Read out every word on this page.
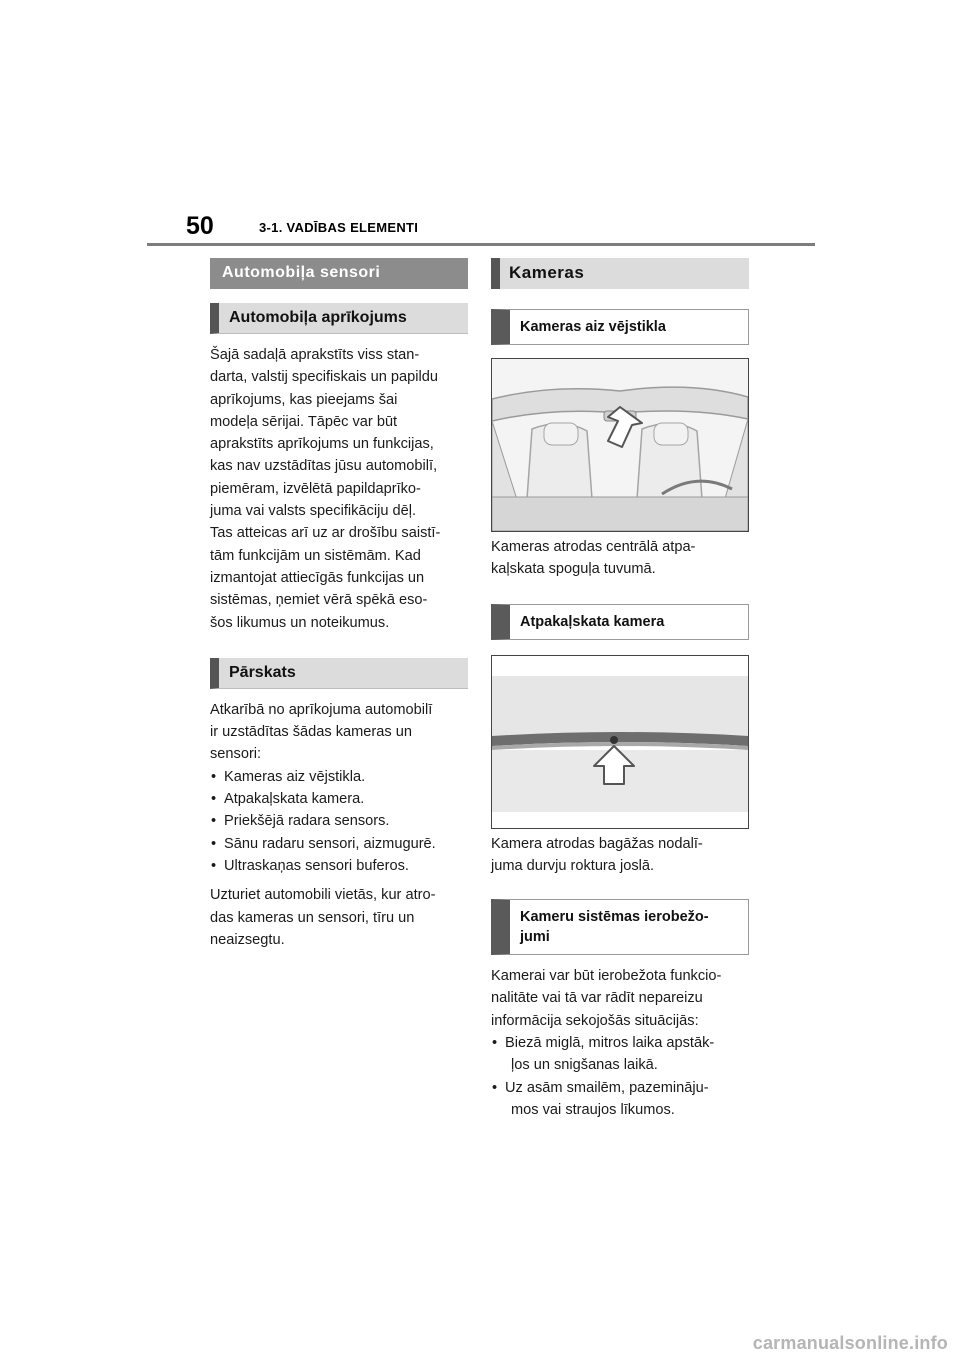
50	3-1. VADĪBAS ELEMENTI
Automobiļa sensori
Automobiļa aprīkojums

Šajā sadaļā aprakstīts viss stan-

darta, valstij specifiskais un papildu

aprīkojums, kas pieejams šai

modeļa sērijai. Tāpēc var būt

aprakstīts aprīkojums un funkcijas,

kas nav uzstādītas jūsu automobilī,

piemēram, izvēlētā papildaprīko-

juma vai valsts specifikāciju dēļ.

Tas atteicas arī uz ar drošību saistī-

tām funkcijām un sistēmām. Kad

izmantojat attiecīgās funkcijas un

sistēmas, ņemiet vērā spēkā eso-

šos likumus un noteikumus.

Pārskats

Atkarībā no aprīkojuma automobilī

ir uzstādītas šādas kameras un

sensori:

• Kameras aiz vējstikla.
• Atpakaļskata kamera.
• Priekšējā radara sensors.
• Sānu radaru sensori, aizmugurē.
• Ultraskaņas sensori buferos.

Uzturiet automobili vietās, kur atro-

das kameras un sensori, tīru un

neaizsegtu.

Kameras
Kameras aiz vējstikla

Kameras atrodas centrālā atpa-

kaļskata spoguļa tuvumā.

Atpakaļskata kamera

Kamera atrodas bagāžas nodalī-

juma durvju roktura joslā.

Kameru sistēmas ierobežo-
jumi

Kamerai var būt ierobežota funkcio-

nalitāte vai tā var rādīt nepareizu

informācija sekojošās situācijās:

• Biezā miglā, mitros laika apstāk-
ļos un snigšanas laikā.
• Uz asām smailēm, pazemināju-
mos vai straujos līkumos.
carmanualsonline.info
